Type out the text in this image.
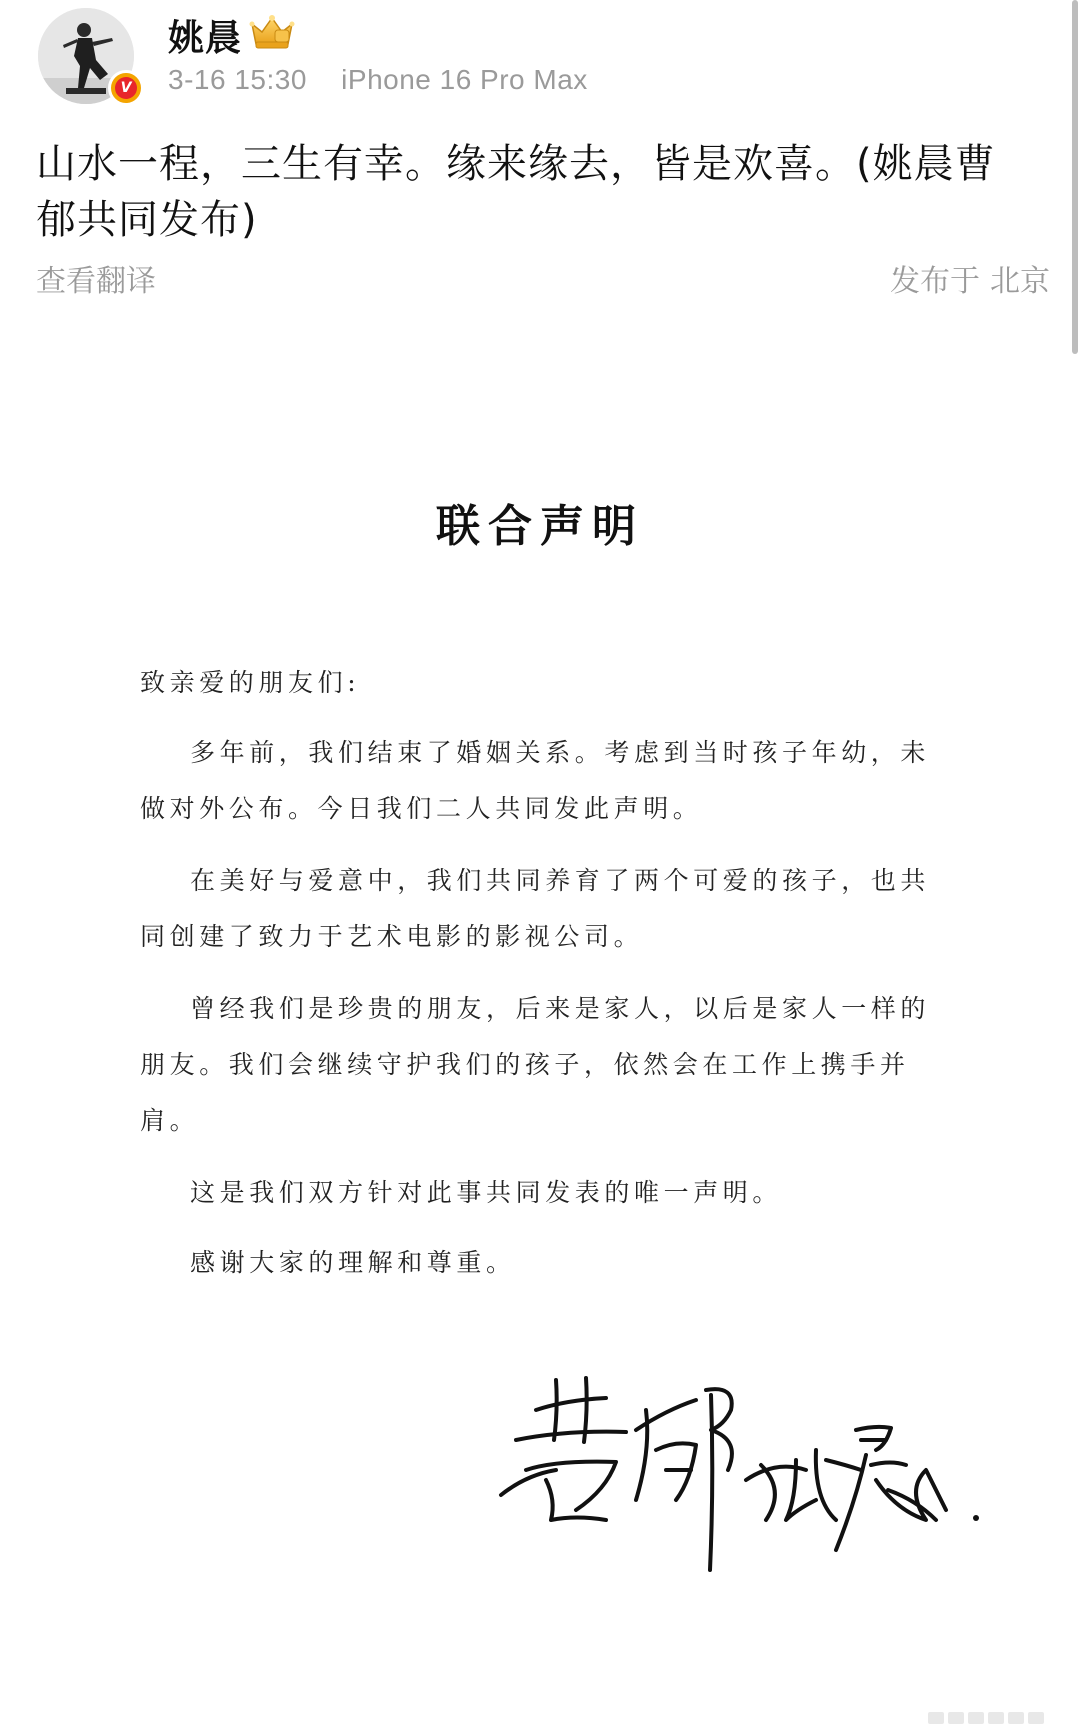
V
姚晨
3-16 15:30 iPhone 16 Pro Max
山水一程，三生有幸。缘来缘去，皆是欢喜。(姚晨曹郁共同发布)
查看翻译	发布于 北京
联合声明

致亲爱的朋友们:

多年前，我们结束了婚姻关系。考虑到当时孩子年幼，未做对外公布。今日我们二人共同发此声明。

在美好与爱意中，我们共同养育了两个可爱的孩子，也共同创建了致力于艺术电影的影视公司。

曾经我们是珍贵的朋友，后来是家人，以后是家人一样的朋友。我们会继续守护我们的孩子，依然会在工作上携手并肩。

这是我们双方针对此事共同发表的唯一声明。

感谢大家的理解和尊重。
